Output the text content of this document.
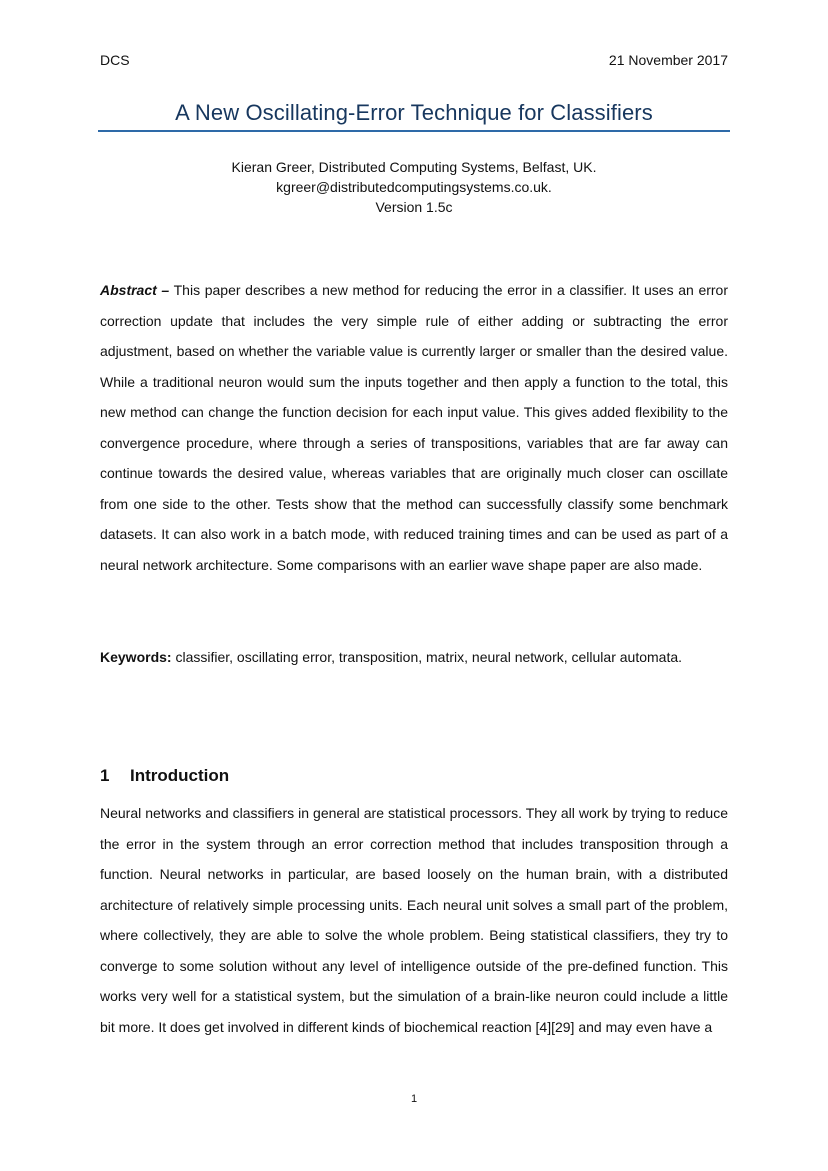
DCS	21 November 2017
A New Oscillating-Error Technique for Classifiers
Kieran Greer, Distributed Computing Systems, Belfast, UK.
kgreer@distributedcomputingsystems.co.uk.
Version 1.5c
Abstract – This paper describes a new method for reducing the error in a classifier. It uses an error correction update that includes the very simple rule of either adding or subtracting the error adjustment, based on whether the variable value is currently larger or smaller than the desired value. While a traditional neuron would sum the inputs together and then apply a function to the total, this new method can change the function decision for each input value. This gives added flexibility to the convergence procedure, where through a series of transpositions, variables that are far away can continue towards the desired value, whereas variables that are originally much closer can oscillate from one side to the other. Tests show that the method can successfully classify some benchmark datasets. It can also work in a batch mode, with reduced training times and can be used as part of a neural network architecture. Some comparisons with an earlier wave shape paper are also made.
Keywords: classifier, oscillating error, transposition, matrix, neural network, cellular automata.
1 Introduction
Neural networks and classifiers in general are statistical processors. They all work by trying to reduce the error in the system through an error correction method that includes transposition through a function. Neural networks in particular, are based loosely on the human brain, with a distributed architecture of relatively simple processing units. Each neural unit solves a small part of the problem, where collectively, they are able to solve the whole problem. Being statistical classifiers, they try to converge to some solution without any level of intelligence outside of the pre-defined function. This works very well for a statistical system, but the simulation of a brain-like neuron could include a little bit more. It does get involved in different kinds of biochemical reaction [4][29] and may even have a
1
